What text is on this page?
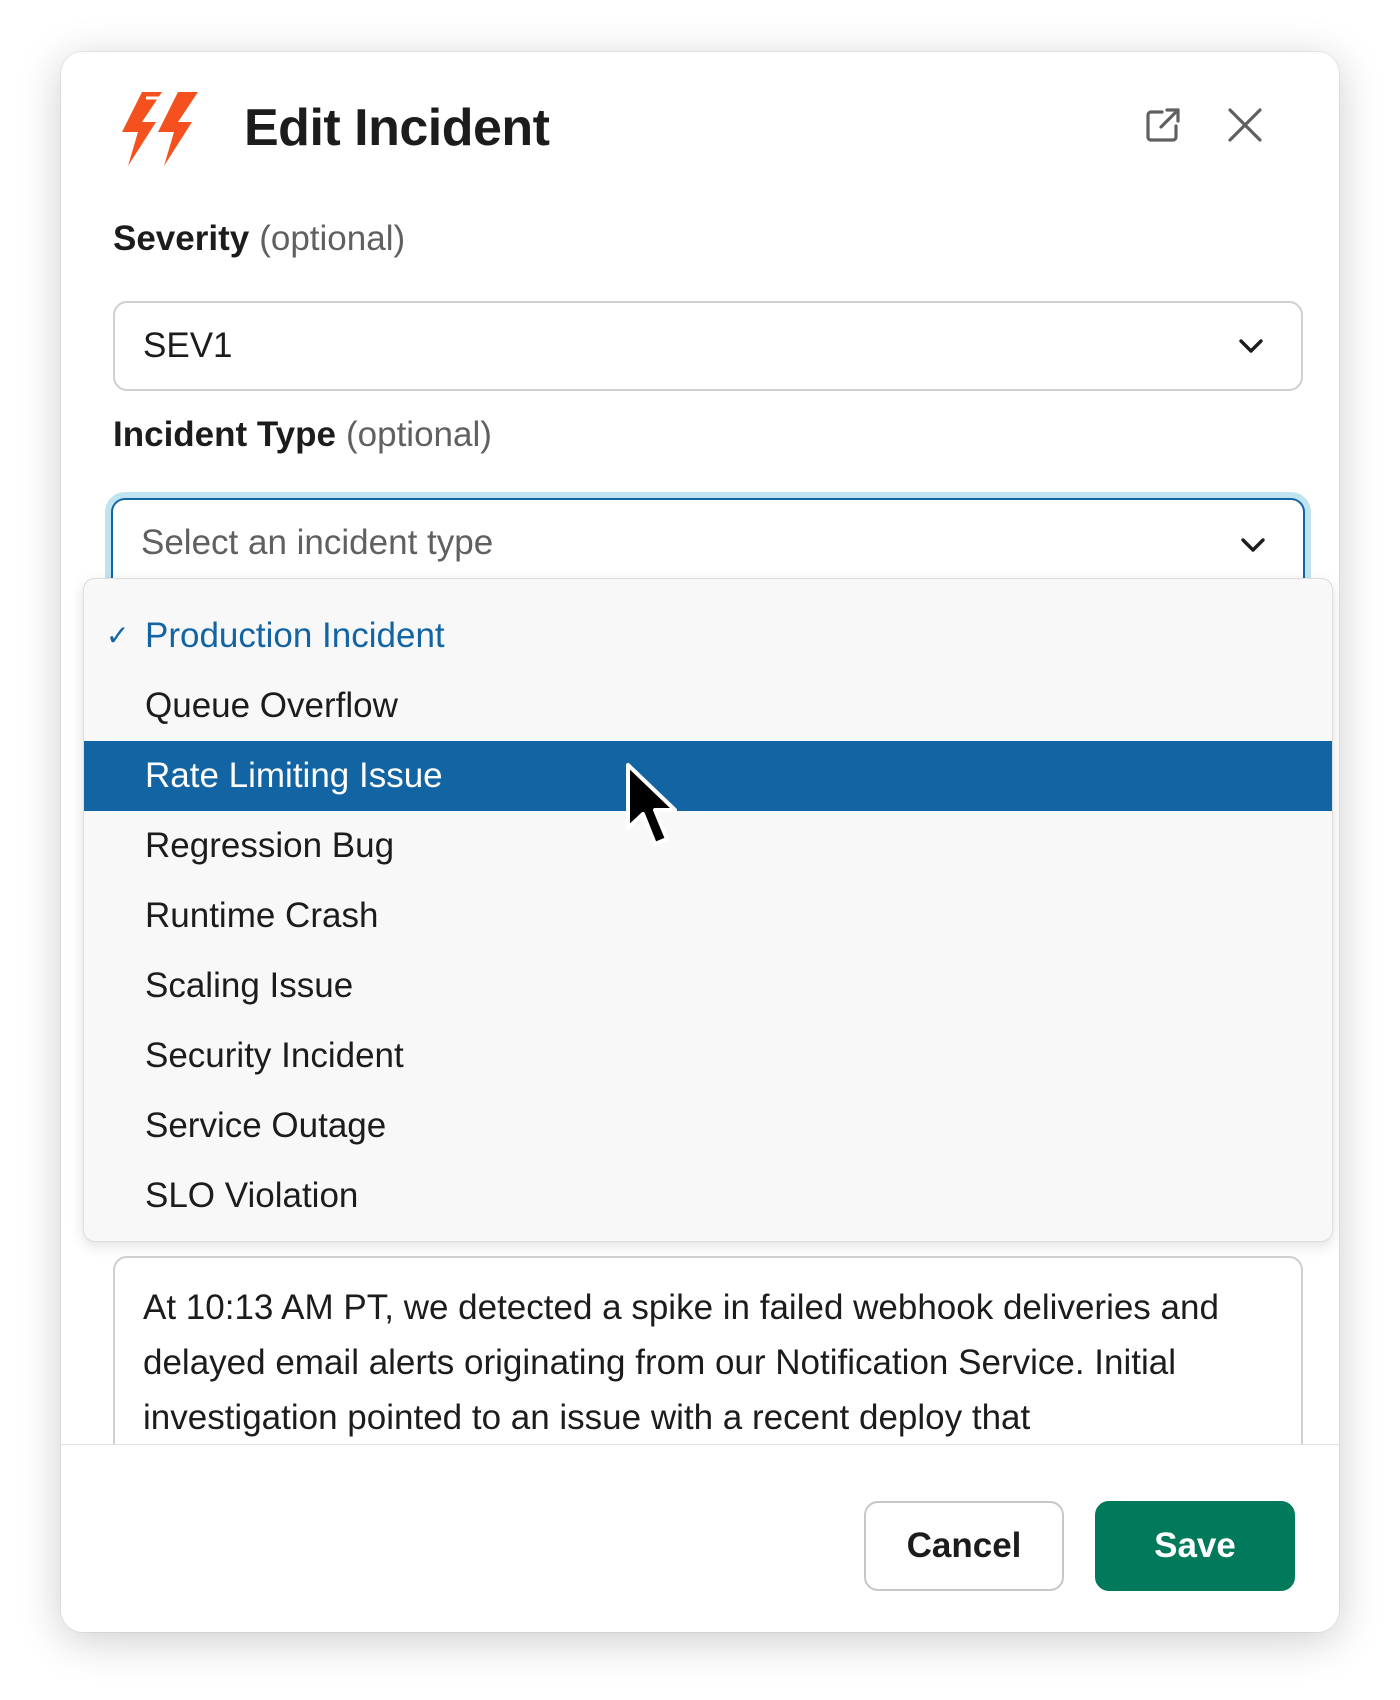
Edit Incident
Severity (optional)
SEV1
Incident Type (optional)
Select an incident type
✓ Production Incident
Queue Overflow
Rate Limiting Issue
Regression Bug
Runtime Crash
Scaling Issue
Security Incident
Service Outage
SLO Violation
At 10:13 AM PT, we detected a spike in failed webhook deliveries and delayed email alerts originating from our Notification Service. Initial investigation pointed to an issue with a recent deploy that
Cancel	Save
